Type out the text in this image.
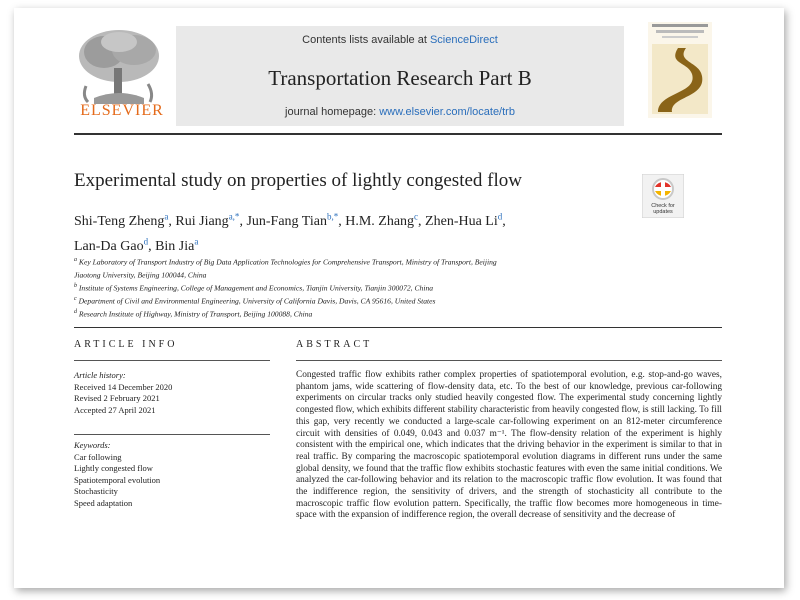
ELSEVIER
Contents lists available at ScienceDirect
Transportation Research Part B
journal homepage: www.elsevier.com/locate/trb
Experimental study on properties of lightly congested flow
Check for
updates
Shi-Teng Zheng$^a$, Rui Jiang$^{a,*}$, Jun-Fang Tian$^{b,*}$, H.M. Zhang$^c$, Zhen-Hua Li$^d$,
Lan-Da Gao$^d$, Bin Jia$^a$
$^a$ Key Laboratory of Transport Industry of Big Data Application Technologies for Comprehensive Transport, Ministry of Transport, Beijing
Jiaotong University, Beijing 100044, China
$^b$ Institute of Systems Engineering, College of Management and Economics, Tianjin University, Tianjin 300072, China
$^c$ Department of Civil and Environmental Engineering, University of California Davis, Davis, CA 95616, United States
$^d$ Research Institute of Highway, Ministry of Transport, Beijing 100088, China
ARTICLE INFO	ABSTRACT
Article history:
Received 14 December 2020
Revised 2 February 2021
Accepted 27 April 2021
Keywords:
Car following
Lightly congested flow
Spatiotemporal evolution
Stochasticity
Speed adaptation
Congested traffic flow exhibits rather complex properties of spatiotemporal evolution, e.g. stop-and-go waves, phantom jams, wide scattering of flow-density data, etc. To the best of our knowledge, previous car-following experiments on circular tracks only studied heavily congested flow. The experimental study concerning lightly congested flow, which exhibits different stability characteristic from heavily congested flow, is still lacking. To fill this gap, very recently we conducted a large-scale car-following experiment on an 812-meter circumference circuit with densities of 0.049, 0.043 and 0.037 m⁻¹. The flow-density relation of the experiment is highly consistent with the empirical one, which indicates that the driving behavior in the experiment is similar to that in real traffic. By comparing the macroscopic spatiotemporal evolution diagrams in different runs under the same global density, we found that the traffic flow exhibits stochastic features with even the same initial conditions. We analyzed the car-following behavior and its relation to the macroscopic traffic flow evolution. It was found that the indifference region, the sensitivity of drivers, and the strength of stochasticity all contribute to the macroscopic traffic flow evolution pattern. Specifically, the traffic flow becomes more homogeneous in time-space with the expansion of indifference region, the overall decrease of sensitivity and the decrease of
